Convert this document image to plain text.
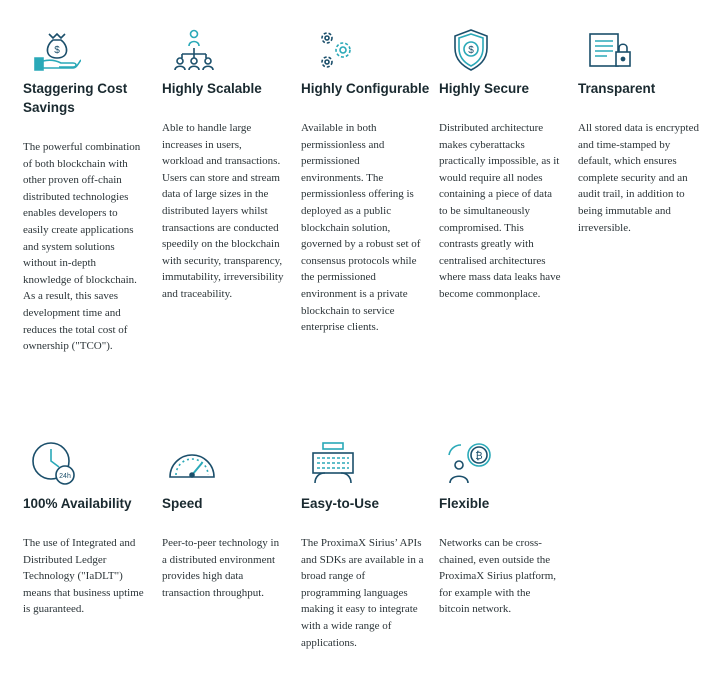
$
Staggering Cost Savings
The powerful combination of both blockchain with other proven off-chain distributed technologies enables developers to easily create applications and system solutions without in-depth knowledge of blockchain. As a result, this saves development time and reduces the total cost of ownership ("TCO").
Highly Scalable
Able to handle large increases in users, workload and transactions. Users can store and stream data of large sizes in the distributed layers whilst transactions are conducted speedily on the blockchain with security, transparency, immutability, irreversibility and traceability.
Highly Configurable
Available in both permissionless and permissioned environments. The permissionless offering is deployed as a public blockchain solution, governed by a robust set of consensus protocols while the permissioned environment is a private blockchain to service enterprise clients.
$
Highly Secure
Distributed architecture makes cyberattacks practically impossible, as it would require all nodes containing a piece of data to be simultaneously compromised. This contrasts greatly with centralised architectures where mass data leaks have become commonplace.
Transparent
All stored data is encrypted and time-stamped by default, which ensures complete security and an audit trail, in addition to being immutable and irreversible.
24h
100% Availability
The use of Integrated and Distributed Ledger Technology ("IaDLT") means that business uptime is guaranteed.
Speed
Peer-to-peer technology in a distributed environment provides high data transaction throughput.
Easy-to-Use
The ProximaX Sirius’ APIs and SDKs are available in a broad range of programming languages making it easy to integrate with a wide range of applications.
₿
Flexible
Networks can be cross-chained, even outside the ProximaX Sirius platform, for example with the bitcoin network.
